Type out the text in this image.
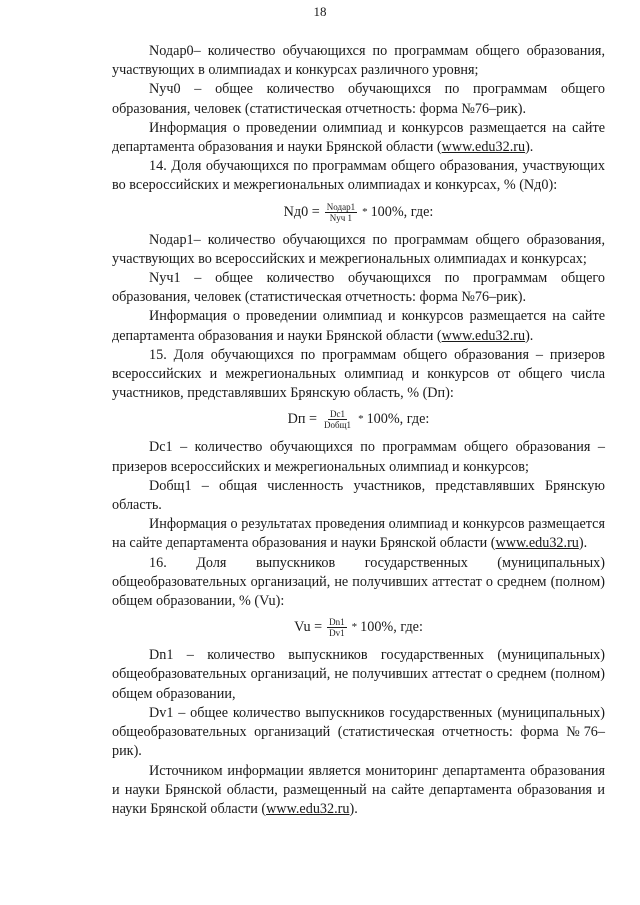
18

Nодар0– количество обучающихся по программам общего образования, участвующих в олимпиадах и конкурсах различного уровня;

Nуч0 – общее количество обучающихся по программам общего образования, человек (статистическая отчетность: форма №76–рик).

Информация о проведении олимпиад и конкурсов размещается на сайте департамента образования и науки Брянской области (www.edu32.ru).

14. Доля обучающихся по программам общего образования, участвующих во всероссийских и межрегиональных олимпиадах и конкурсах, % (Nд0):

$Nд0 = \frac{\text{Nодар1}}{\text{Nуч 1}} * 100\%$, где:

Nодар1– количество обучающихся по программам общего образования, участвующих во всероссийских и межрегиональных олимпиадах и конкурсах;

Nуч1 – общее количество обучающихся по программам общего образования, человек (статистическая отчетность: форма №76–рик).

Информация о проведении олимпиад и конкурсов размещается на сайте департамента образования и науки Брянской области (www.edu32.ru).

15. Доля обучающихся по программам общего образования – призеров всероссийских и межрегиональных олимпиад и конкурсов от общего числа участников, представлявших Брянскую область, % (Dп):

Dп = $\frac{Dс1}{\text{Dобщ1}} * 100\%$, где:

Dс1 – количество обучающихся по программам общего образования – призеров всероссийских и межрегиональных олимпиад и конкурсов;

Dобщ1 – общая численность участников, представлявших Брянскую область.

Информация о результатах проведения олимпиад и конкурсов размещается на сайте департамента образования и науки Брянской области (www.edu32.ru).

16. Доля выпускников государственных (муниципальных) общеобразовательных организаций, не получивших аттестат о среднем (полном) общем образовании, % (Vu):

$Vu = \frac{Dn1}{Dv1} * 100\%$, где:

Dn1 – количество выпускников государственных (муниципальных) общеобразовательных организаций, не получивших аттестат о среднем (полном) общем образовании,

Dv1 – общее количество выпускников государственных (муниципальных) общеобразовательных организаций (статистическая отчетность: форма №76–рик).

Источником информации является мониторинг департамента образования и науки Брянской области, размещенный на сайте департамента образования и науки Брянской области (www.edu32.ru).
